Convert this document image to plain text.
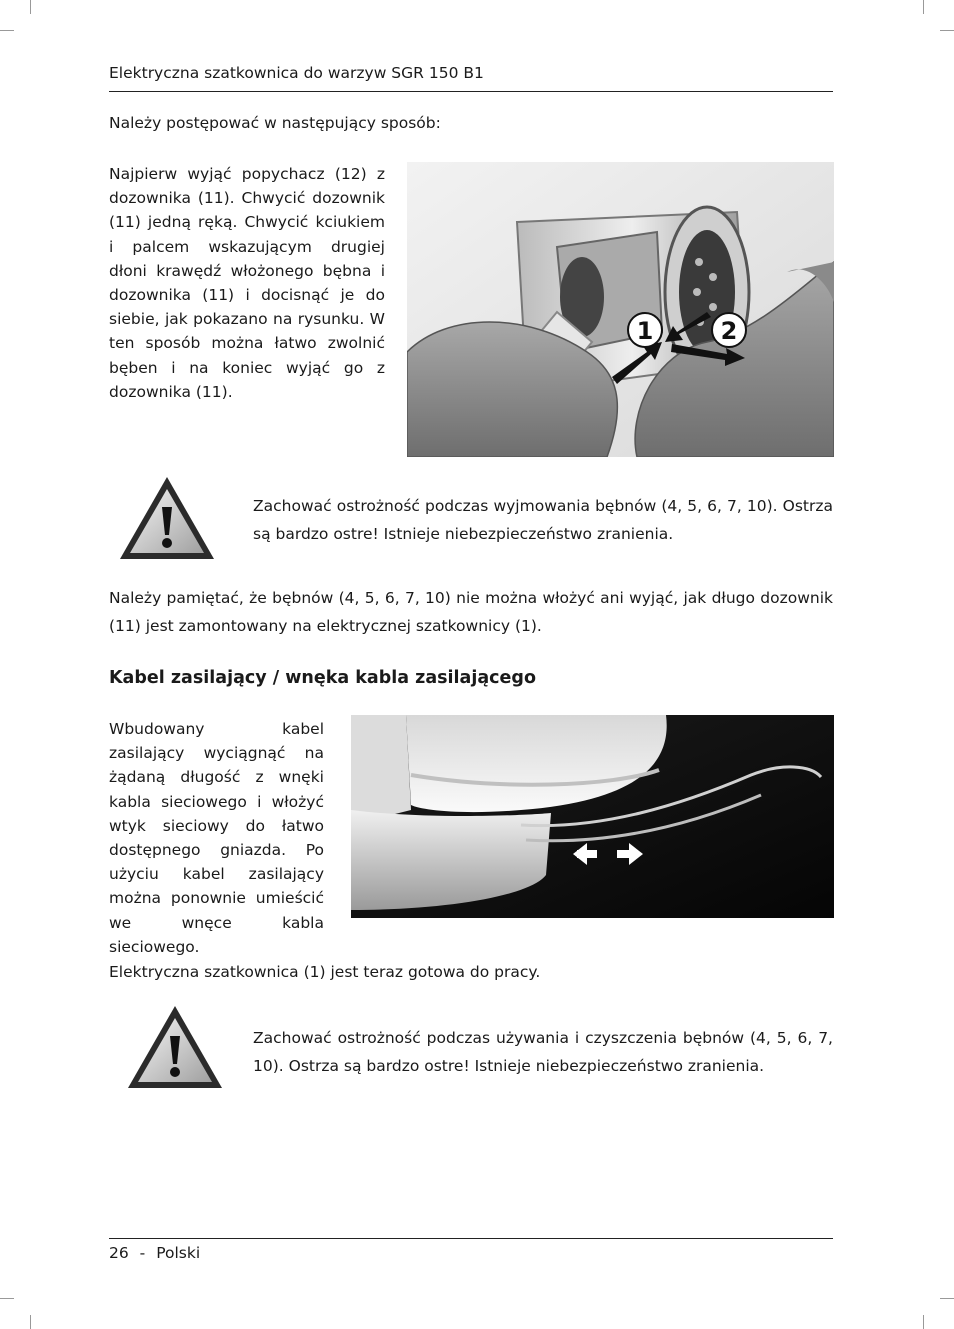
Elektryczna szatkownica do warzyw SGR 150 B1
Należy postępować w następujący sposób:
Najpierw wyjąć popychacz (12) z dozownika (11). Chwycić dozownik (11) jedną ręką. Chwycić kciukiem i palcem wskazującym drugiej dłoni krawędź włożonego bębna i dozownika (11) i docisnąć je do siebie, jak pokazano na rysunku. W ten sposób można łatwo zwolnić bęben i na koniec wyjąć go z dozownika (11).
1	2
Zachować ostrożność podczas wyjmowania bębnów (4, 5, 6, 7, 10). Ostrza są bardzo ostre! Istnieje niebezpieczeństwo zranienia.
Należy pamiętać, że bębnów (4, 5, 6, 7, 10) nie można włożyć ani wyjąć, jak długo dozownik (11) jest zamontowany na elektrycznej szatkownicy (1).
Kabel zasilający / wnęka kabla zasilającego
Wbudowany kabel zasilający wyciągnąć na żądaną długość z wnęki kabla sieciowego i włożyć wtyk sieciowy do łatwo dostępnego gniazda. Po użyciu kabel zasilający można ponownie umieścić we wnęce kabla sieciowego.
Elektryczna szatkownica (1) jest teraz gotowa do pracy.
Zachować ostrożność podczas używania i czyszczenia bębnów (4, 5, 6, 7, 10). Ostrza są bardzo ostre! Istnieje niebezpieczeństwo zranienia.
26 - Polski
